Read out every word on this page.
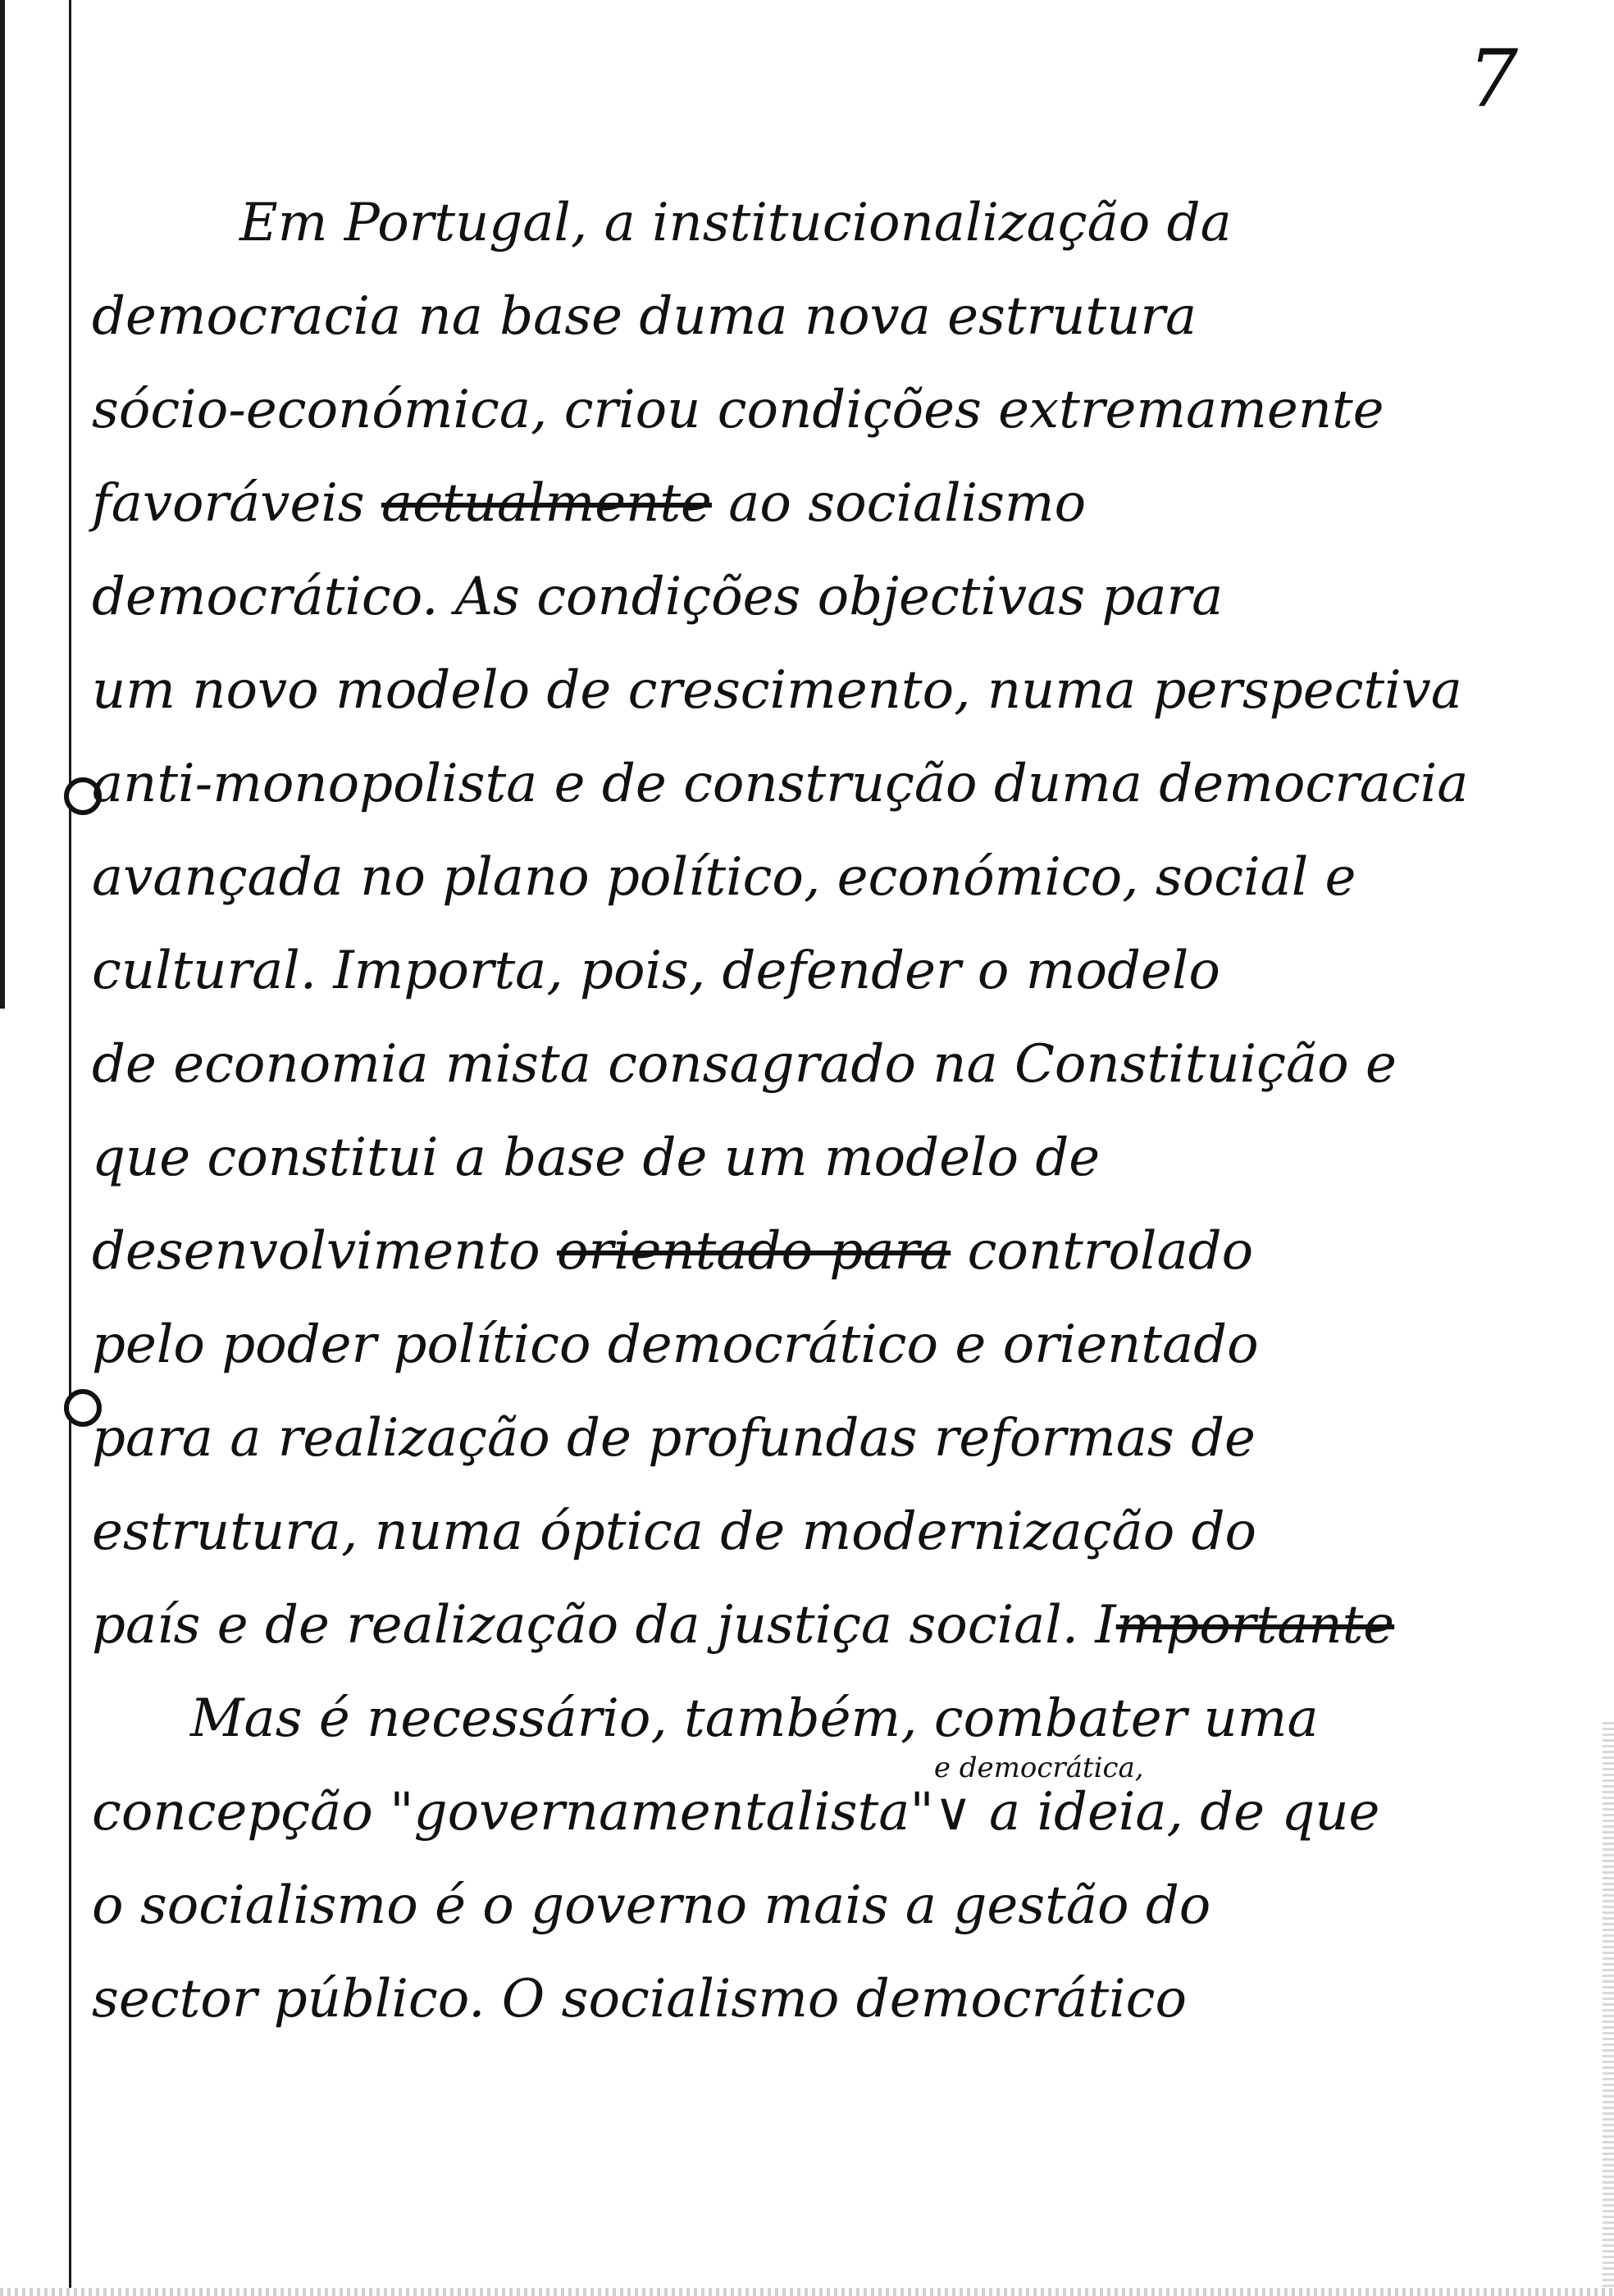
7
Em Portugal, a institucionalização da
democracia na base duma nova estrutura
sócio-económica, criou condições extremamente
favoráveis actualmente ao socialismo
democrático. As condições objectivas para
um novo modelo de crescimento, numa perspectiva
anti-monopolista e de construção duma democracia
avançada no plano político, económico, social e
cultural. Importa, pois, defender o modelo
de economia mista consagrado na Constituição e
que constitui a base de um modelo de
desenvolvimento orientado para controlado
pelo poder político democrático e orientado
para a realização de profundas reformas de
estrutura, numa óptica de modernização do
país e de realização da justiça social. Importante
Mas é necessário, também, combater uma
concepção "governamentalista"∨
e democrática,
a ideia, de que
o socialismo é o governo mais a gestão do
sector público. O socialismo democrático
